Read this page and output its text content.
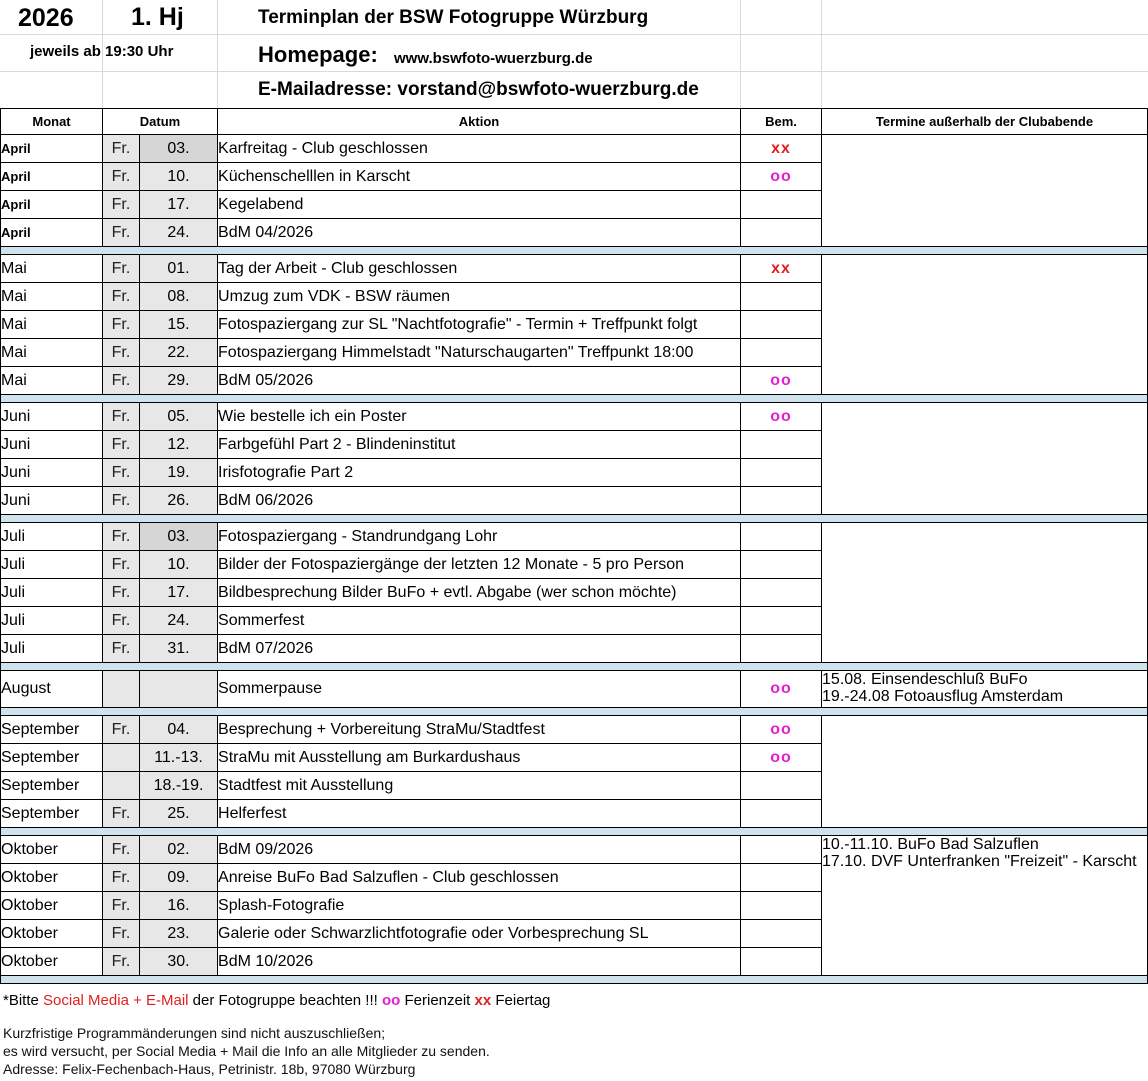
2026 1. Hj	Terminplan der BSW Fotogruppe Würzburg
jeweils ab 19:30 Uhr	Homepage: www.bswfoto-wuerzburg.de
E-Mailadresse: vorstand@bswfoto-wuerzburg.de
Monat	Datum		Aktion	Bem.	Termine außerhalb der Clubabende
April	Fr.	03.	Karfreitag - Club geschlossen	xx	
April	Fr.	10.	Küchenschelllen in Karscht	oo	
April	Fr.	17.	Kegelabend		
April	Fr.	24.	BdM 04/2026		

Mai	Fr.	01.	Tag der Arbeit - Club geschlossen	xx	
Mai	Fr.	08.	Umzug zum VDK - BSW räumen		
Mai	Fr.	15.	Fotospaziergang zur SL "Nachtfotografie" - Termin + Treffpunkt folgt		
Mai	Fr.	22.	Fotospaziergang Himmelstadt "Naturschaugarten" Treffpunkt 18:00		
Mai	Fr.	29.	BdM 05/2026	oo	

Juni	Fr.	05.	Wie bestelle ich ein Poster	oo	
Juni	Fr.	12.	Farbgefühl Part 2 - Blindeninstitut		
Juni	Fr.	19.	Irisfotografie Part 2		
Juni	Fr.	26.	BdM 06/2026		

Juli	Fr.	03.	Fotospaziergang - Standrundgang Lohr		
Juli	Fr.	10.	Bilder der Fotospaziergänge der letzten 12 Monate - 5 pro Person		
Juli	Fr.	17.	Bildbesprechung Bilder BuFo + evtl. Abgabe (wer schon möchte)		
Juli	Fr.	24.	Sommerfest		
Juli	Fr.	31.	BdM 07/2026		

August			Sommerpause	oo	15.08. Einsendeschluß BuFo
19.-24.08 Fotoausflug Amsterdam

September	Fr.	04.	Besprechung + Vorbereitung StraMu/Stadtfest	oo	
September		11.-13.	StraMu mit Ausstellung am Burkardushaus	oo	
September		18.-19.	Stadtfest mit Ausstellung		
September	Fr.	25.	Helferfest		

Oktober	Fr.	02.	BdM 09/2026		10.-11.10. BuFo Bad Salzuflen
17.10. DVF Unterfranken "Freizeit" - Karscht

Oktober	Fr.	09.	Anreise BuFo Bad Salzuflen - Club geschlossen		
Oktober	Fr.	16.	Splash-Fotografie		
Oktober	Fr.	23.	Galerie oder Schwarzlichtfotografie oder Vorbesprechung SL		
Oktober	Fr.	30.	BdM 10/2026		

*Bitte Social Media + E-Mail der Fotogruppe beachten !!! oo Ferienzeit xx Feiertag
Kurzfristige Programmänderungen sind nicht auszuschließen;
es wird versucht, per Social Media + Mail die Info an alle Mitglieder zu senden.
Adresse: Felix-Fechenbach-Haus, Petrinistr. 18b, 97080 Würzburg
